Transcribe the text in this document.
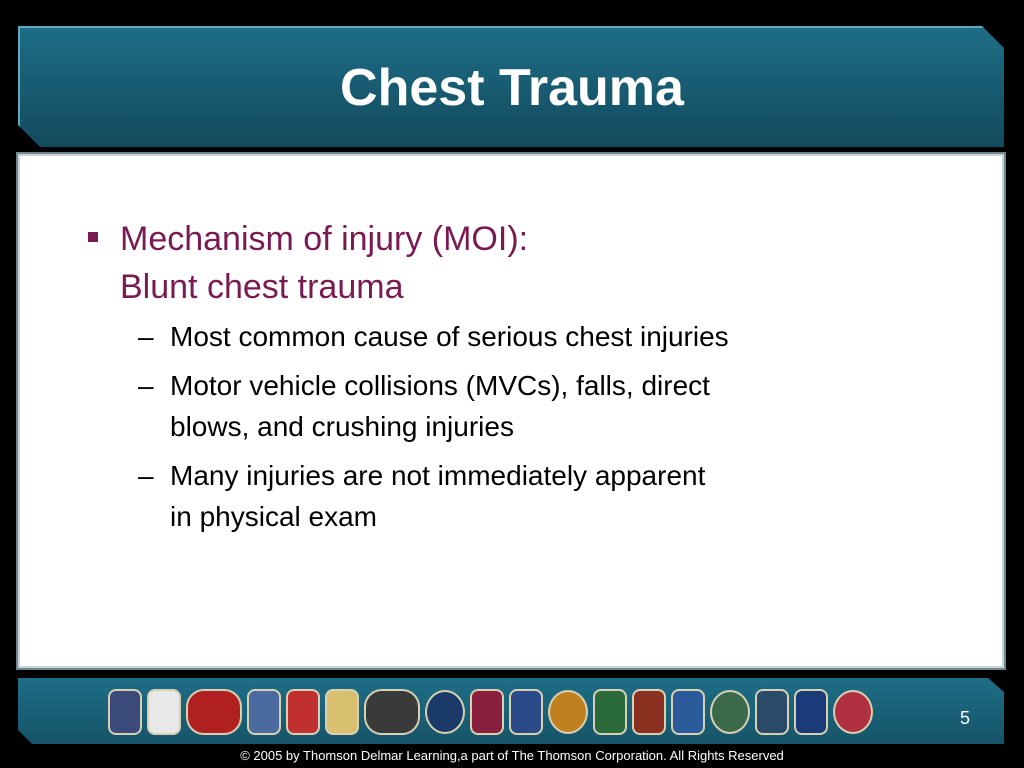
Chest Trauma
Mechanism of injury (MOI):
Blunt chest trauma
– Most common cause of serious chest injuries
– Motor vehicle collisions (MVCs), falls, direct
blows, and crushing injuries
– Many injuries are not immediately apparent
in physical exam
5
© 2005 by Thomson Delmar Learning,a part of The Thomson Corporation. All Rights Reserved
